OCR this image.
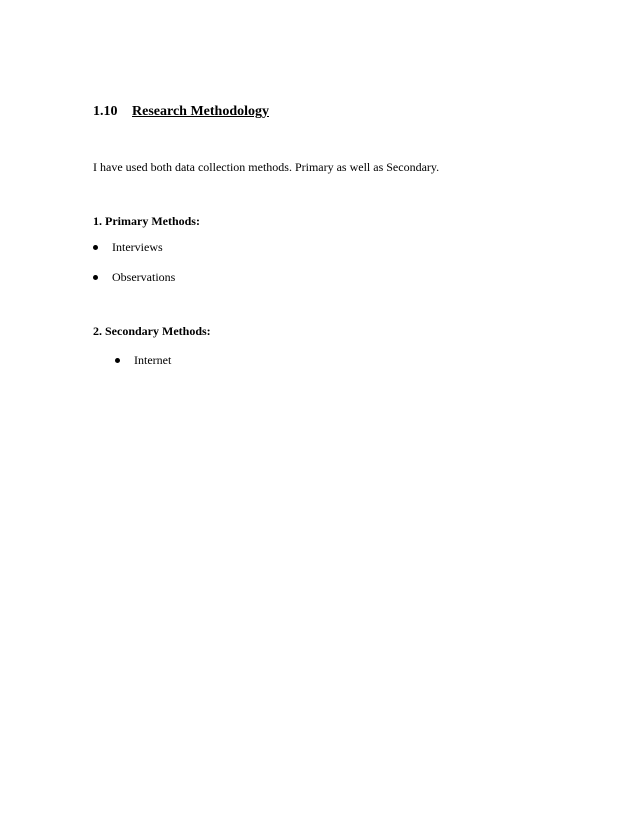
1.10 Research Methodology
I have used both data collection methods. Primary as well as Secondary.
1. Primary Methods:
Interviews
Observations
2. Secondary Methods:
Internet
